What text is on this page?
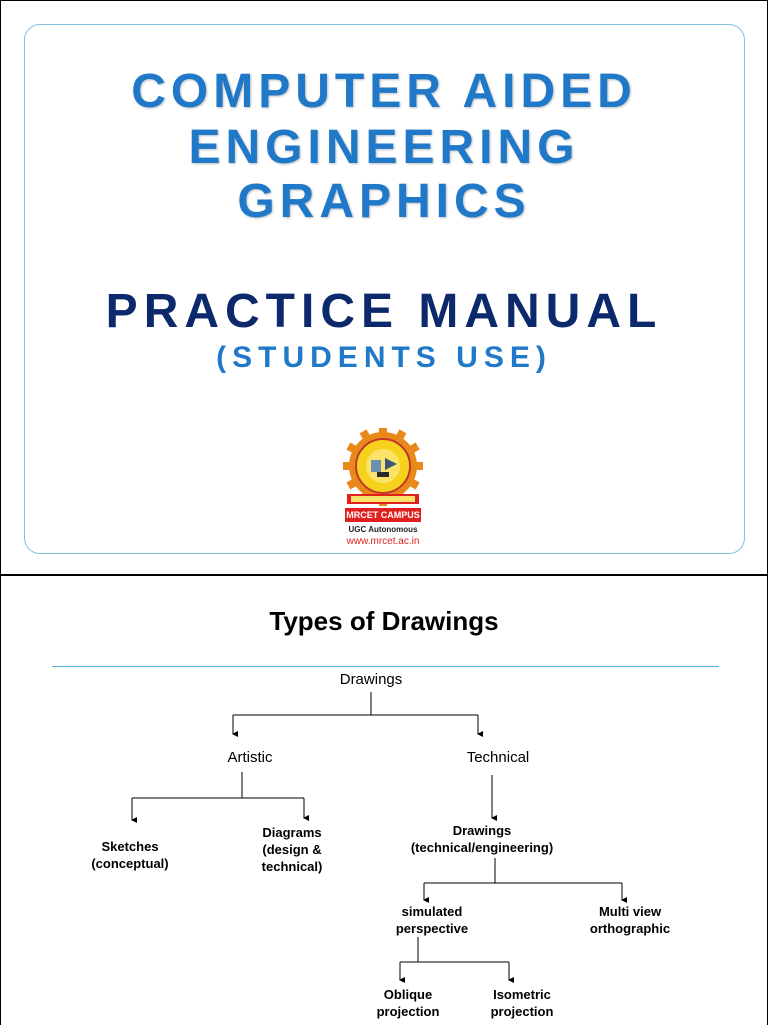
COMPUTER AIDED
ENGINEERING
GRAPHICS
PRACTICE MANUAL
(STUDENTS USE)
MRCET CAMPUS
UGC Autonomous
www.mrcet.ac.in
Types of Drawings
Drawings
Artistic	Technical
Sketches
(conceptual)
Diagrams
(design &
technical)
Drawings
(technical/engineering)
simulated
perspective
Multi view
orthographic
Oblique
projection
Isometric
projection
